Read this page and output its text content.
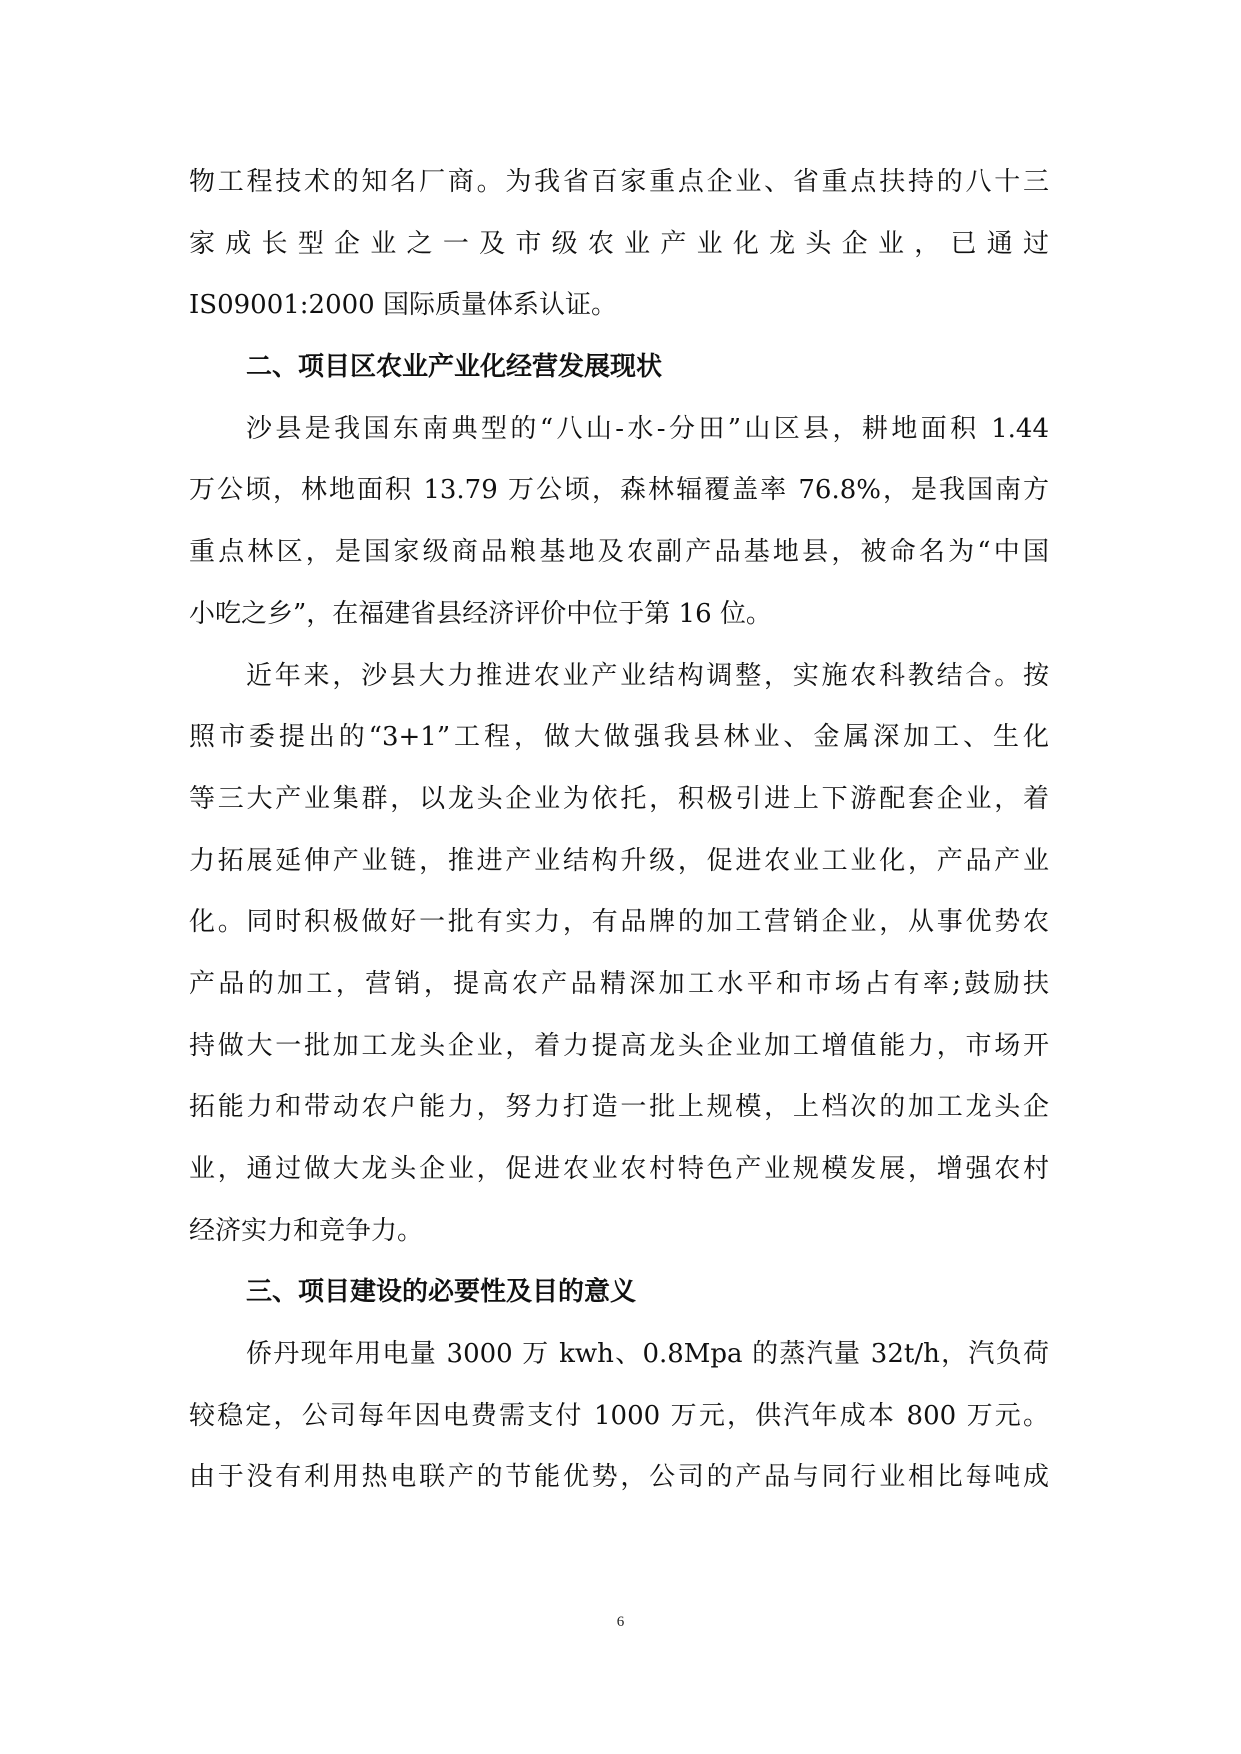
物工程技术的知名厂商。为我省百家重点企业、省重点扶持的八十三

家成长型企业之一及市级农业产业化龙头企业，已通过

IS09001:2000 国际质量体系认证。

二、项目区农业产业化经营发展现状

沙县是我国东南典型的“八山-水-分田”山区县，耕地面积 1.44

万公顷，林地面积 13.79 万公顷，森林辐覆盖率 76.8%，是我国南方

重点林区，是国家级商品粮基地及农副产品基地县，被命名为“中国

小吃之乡”，在福建省县经济评价中位于第 16 位。

近年来，沙县大力推进农业产业结构调整，实施农科教结合。按

照市委提出的“3+1”工程，做大做强我县林业、金属深加工、生化

等三大产业集群，以龙头企业为依托，积极引进上下游配套企业，着

力拓展延伸产业链，推进产业结构升级，促进农业工业化，产品产业

化。同时积极做好一批有实力，有品牌的加工营销企业，从事优势农

产品的加工，营销，提高农产品精深加工水平和市场占有率;鼓励扶

持做大一批加工龙头企业，着力提高龙头企业加工增值能力，市场开

拓能力和带动农户能力，努力打造一批上规模，上档次的加工龙头企

业，通过做大龙头企业，促进农业农村特色产业规模发展，增强农村

经济实力和竞争力。

三、项目建设的必要性及目的意义

侨丹现年用电量 3000 万 kwh、0.8Mpa 的蒸汽量 32t/h，汽负荷

较稳定，公司每年因电费需支付 1000 万元，供汽年成本 800 万元。

由于没有利用热电联产的节能优势，公司的产品与同行业相比每吨成

6
